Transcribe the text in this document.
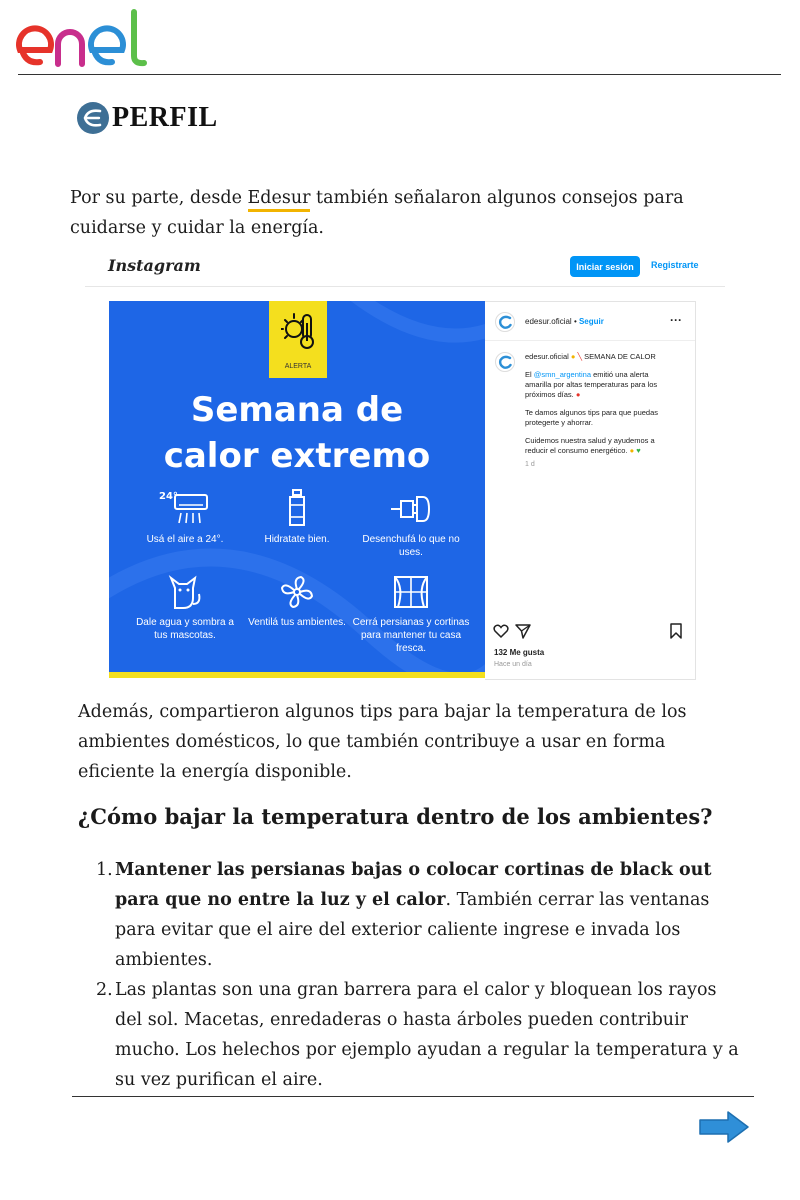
PERFIL
Por su parte, desde Edesur también señalaron algunos consejos para cuidarse y cuidar la energía.
Instagram	Iniciar sesión	Registrarte
ALERTA
Semana de
calor extremo
24°
Usá el aire a 24°.	Hidratate bien.	Desenchufá lo que no uses.
Dale agua y sombra a tus mascotas.
Ventilá tus ambientes. Cerrá persianas y cortinas para mantener tu casa fresca.
edesur.oficial • Seguir	···

edesur.oficial ● ╲ SEMANA DE CALOR

El @smn_argentina emitió una alerta amarilla por altas temperaturas para los próximos días. ●

Te damos algunos tips para que puedas protegerte y ahorrar.

Cuidemos nuestra salud y ayudemos a reducir el consumo energético. ● ♥

1 d
132 Me gusta
Hace un día
Además, compartieron algunos tips para bajar la temperatura de los ambientes domésticos, lo que también contribuye a usar en forma eficiente la energía disponible.
¿Cómo bajar la temperatura dentro de los ambientes?
1. Mantener las persianas bajas o colocar cortinas de black out para que no entre la luz y el calor. También cerrar las ventanas para evitar que el aire del exterior caliente ingrese e invada los ambientes.
2. Las plantas son una gran barrera para el calor y bloquean los rayos del sol. Macetas, enredaderas o hasta árboles pueden contribuir mucho. Los helechos por ejemplo ayudan a regular la temperatura y a su vez purifican el aire.
